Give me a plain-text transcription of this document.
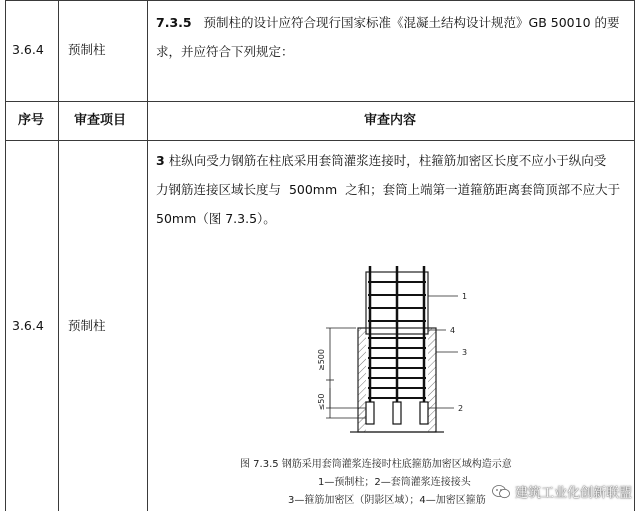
3.6.4 预制柱
7.3.5 预制柱的设计应符合现行国家标准《混凝土结构设计规范》GB 50010 的要
求，并应符合下列规定：
序号 审查项目	审查内容
3.6.4 预制柱
3 柱纵向受力钢筋在柱底采用套筒灌浆连接时，柱箍筋加密区长度不应小于纵向受
力钢筋连接区域长度与  500mm  之和；套筒上端第一道箍筋距离套筒顶部不应大于
50mm（图 7.3.5）。
≥500
≤50
1
4
3
2
图 7.3.5 钢筋采用套筒灌浆连接时柱底箍筋加密区域构造示意
1—预制柱；2—套筒灌浆连接接头
3—箍筋加密区（阴影区域）；4—加密区箍筋 建筑工业化创新联盟
